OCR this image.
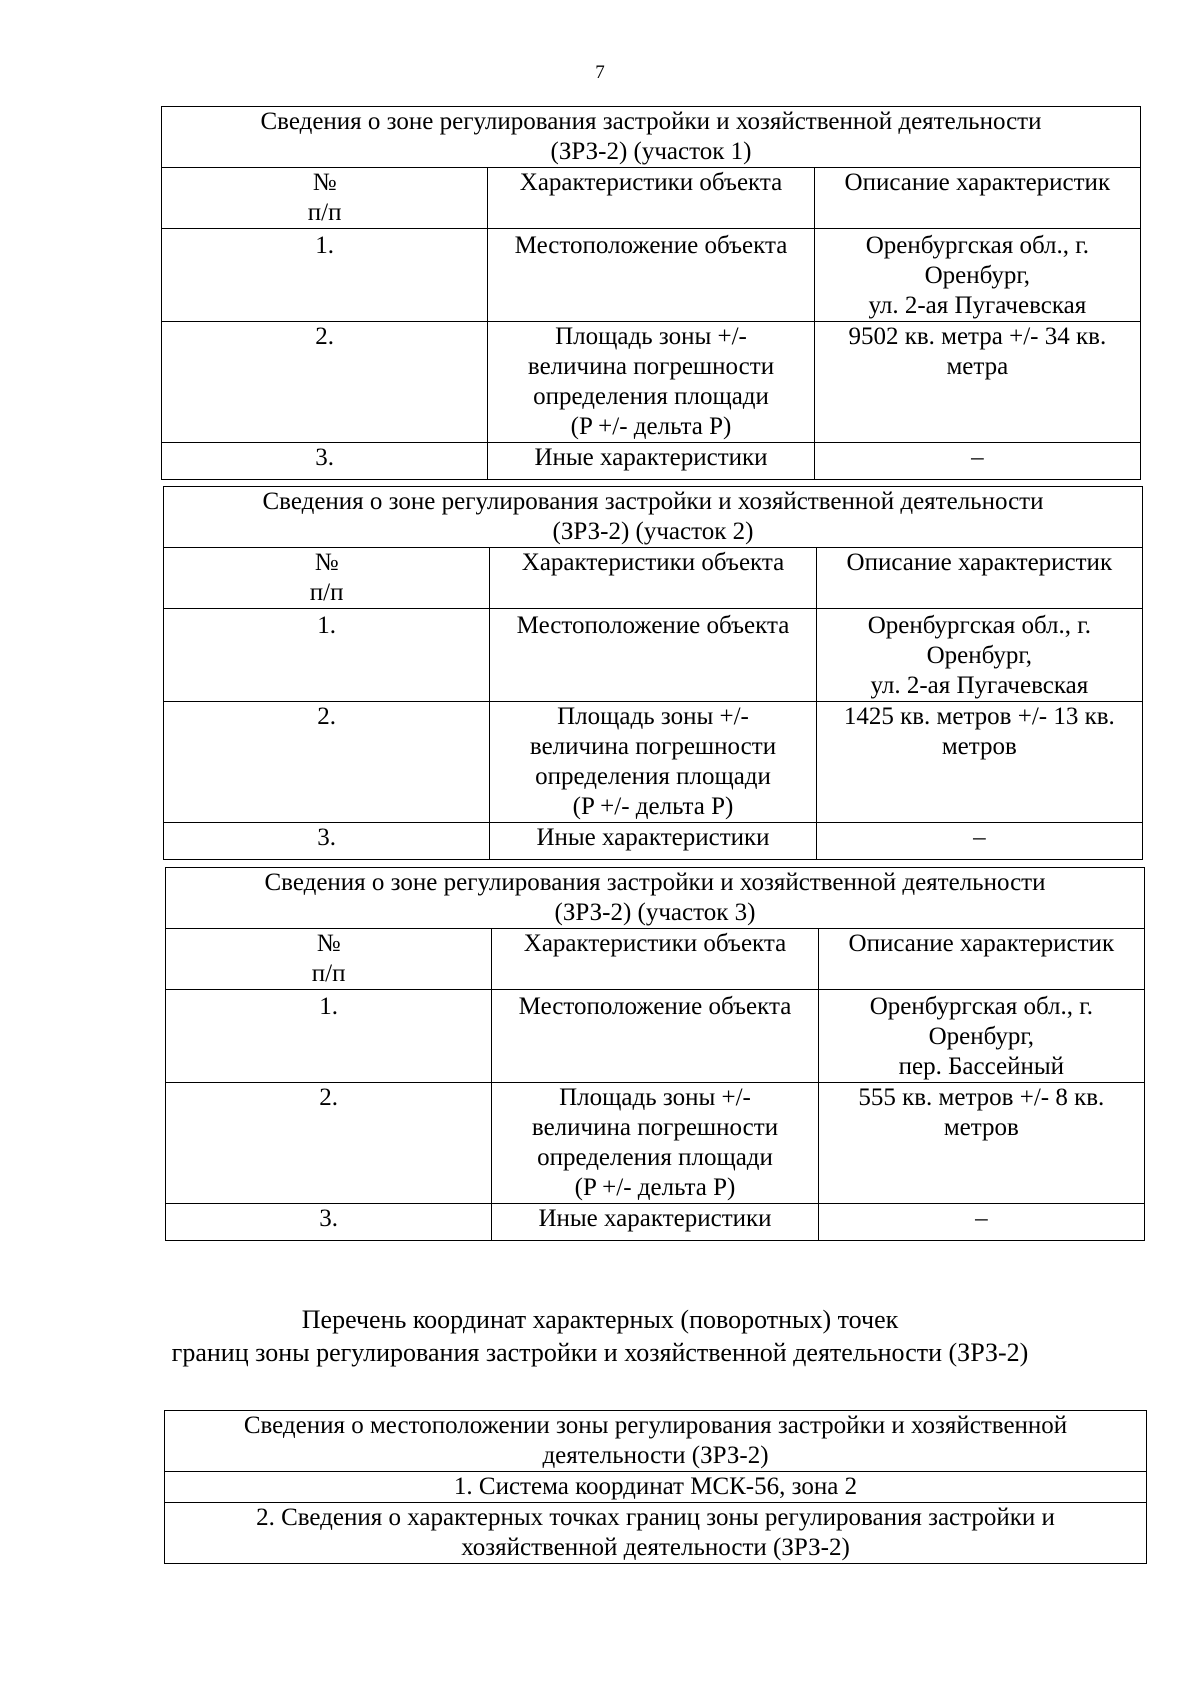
7
Сведения о зоне регулирования застройки и хозяйственной деятельности
(ЗРЗ-2) (участок 1)		

№
п/п	Характеристики объекта	Описание характеристик
1.	Местоположение объекта	Оренбургская обл., г. Оренбург,
ул. 2-ая Пугачевская

2.	Площадь зоны +/-
величина погрешности
определения площади
(P +/- дельта P)	9502 кв. метра +/- 34 кв. метра

3.	Иные характеристики	–
Сведения о зоне регулирования застройки и хозяйственной деятельности
(ЗРЗ-2) (участок 2)		

№
п/п	Характеристики объекта	Описание характеристик
1.	Местоположение объекта	Оренбургская обл., г. Оренбург,
ул. 2-ая Пугачевская

2.	Площадь зоны +/-
величина погрешности
определения площади
(P +/- дельта P)	1425 кв. метров +/- 13 кв. метров

3.	Иные характеристики	–
Сведения о зоне регулирования застройки и хозяйственной деятельности
(ЗРЗ-2) (участок 3)		

№
п/п	Характеристики объекта	Описание характеристик
1.	Местоположение объекта	Оренбургская обл., г. Оренбург,
пер. Бассейный

2.	Площадь зоны +/-
величина погрешности
определения площади
(P +/- дельта P)	555 кв. метров +/- 8 кв. метров

3.	Иные характеристики	–
Перечень координат характерных (поворотных) точек
границ зоны регулирования застройки и хозяйственной деятельности (ЗРЗ-2)
Сведения о местоположении зоны регулирования застройки и хозяйственной
деятельности (ЗРЗ-2)

1. Система координат МСК-56, зона 2

2. Сведения о характерных точках границ зоны регулирования застройки и
хозяйственной деятельности (ЗРЗ-2)
